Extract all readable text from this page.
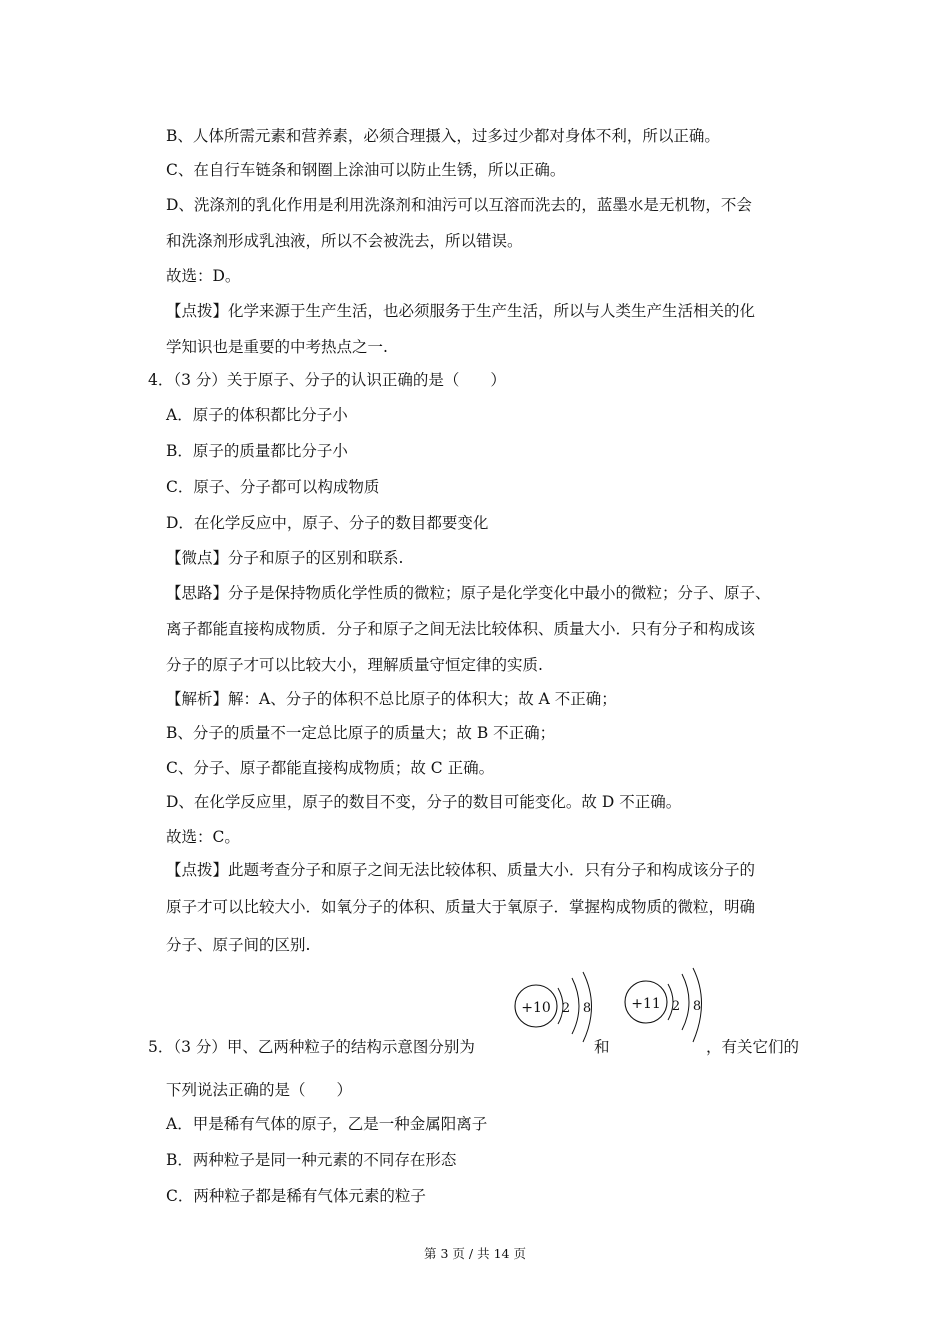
B、人体所需元素和营养素，必须合理摄入，过多过少都对身体不利，所以正确。
C、在自行车链条和钢圈上涂油可以防止生锈，所以正确。
D、洗涤剂的乳化作用是利用洗涤剂和油污可以互溶而洗去的，蓝墨水是无机物，不会
和洗涤剂形成乳浊液，所以不会被洗去，所以错误。
故选：D。
【点拨】化学来源于生产生活，也必须服务于生产生活，所以与人类生产生活相关的化
学知识也是重要的中考热点之一.
4．（3 分）关于原子、分子的认识正确的是（　　）
A．原子的体积都比分子小
B．原子的质量都比分子小
C．原子、分子都可以构成物质
D．在化学反应中，原子、分子的数目都要变化
【微点】分子和原子的区别和联系.
【思路】分子是保持物质化学性质的微粒；原子是化学变化中最小的微粒；分子、原子、
离子都能直接构成物质．分子和原子之间无法比较体积、质量大小．只有分子和构成该
分子的原子才可以比较大小，理解质量守恒定律的实质.
【解析】解：A、分子的体积不总比原子的体积大；故 A 不正确；
B、分子的质量不一定总比原子的质量大；故 B 不正确；
C、分子、原子都能直接构成物质；故 C 正确。
D、在化学反应里，原子的数目不变，分子的数目可能变化。故 D 不正确。
故选：C。
【点拨】此题考查分子和原子之间无法比较体积、质量大小．只有分子和构成该分子的
原子才可以比较大小．如氧分子的体积、质量大于氧原子．掌握构成物质的微粒，明确
分子、原子间的区别.
5．（3 分）甲、乙两种粒子的结构示意图分别为
+10 2 8
和
+11 2 8
，有关它们的
下列说法正确的是（　　）
A．甲是稀有气体的原子，乙是一种金属阳离子
B．两种粒子是同一种元素的不同存在形态
C．两种粒子都是稀有气体元素的粒子
第 3 页 / 共 14 页
